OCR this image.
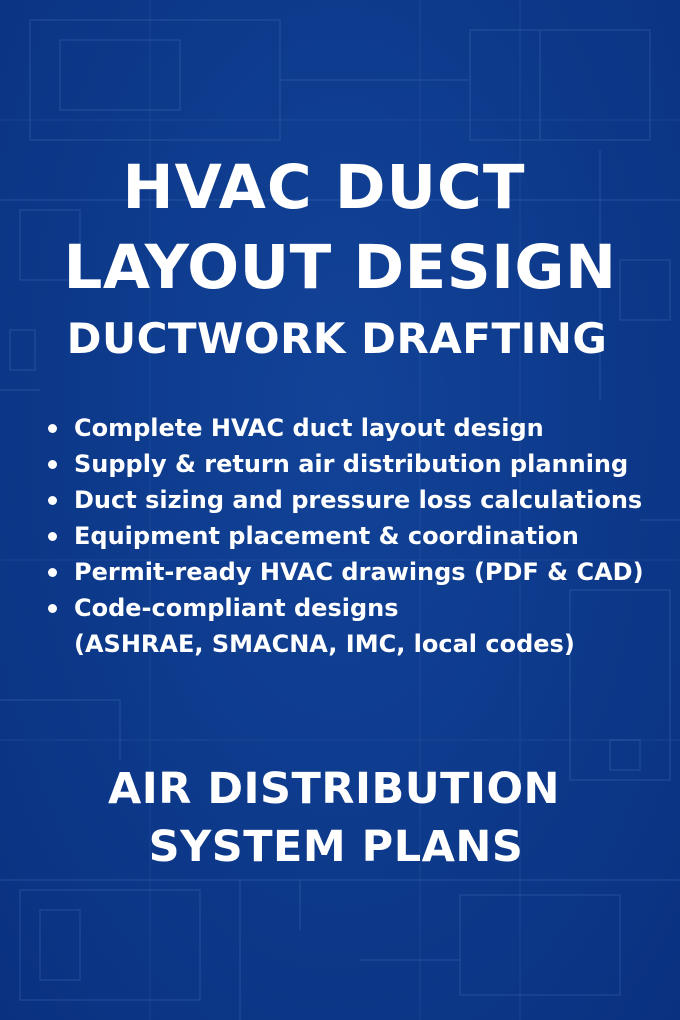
HVAC DUCT
LAYOUT DESIGN
DUCTWORK DRAFTING
Complete HVAC duct layout design
Supply & return air distribution planning
Duct sizing and pressure loss calculations
Equipment placement & coordination
Permit-ready HVAC drawings (PDF & CAD)
Code-compliant designs
(ASHRAE, SMACNA, IMC, local codes)
AIR DISTRIBUTION
SYSTEM PLANS
